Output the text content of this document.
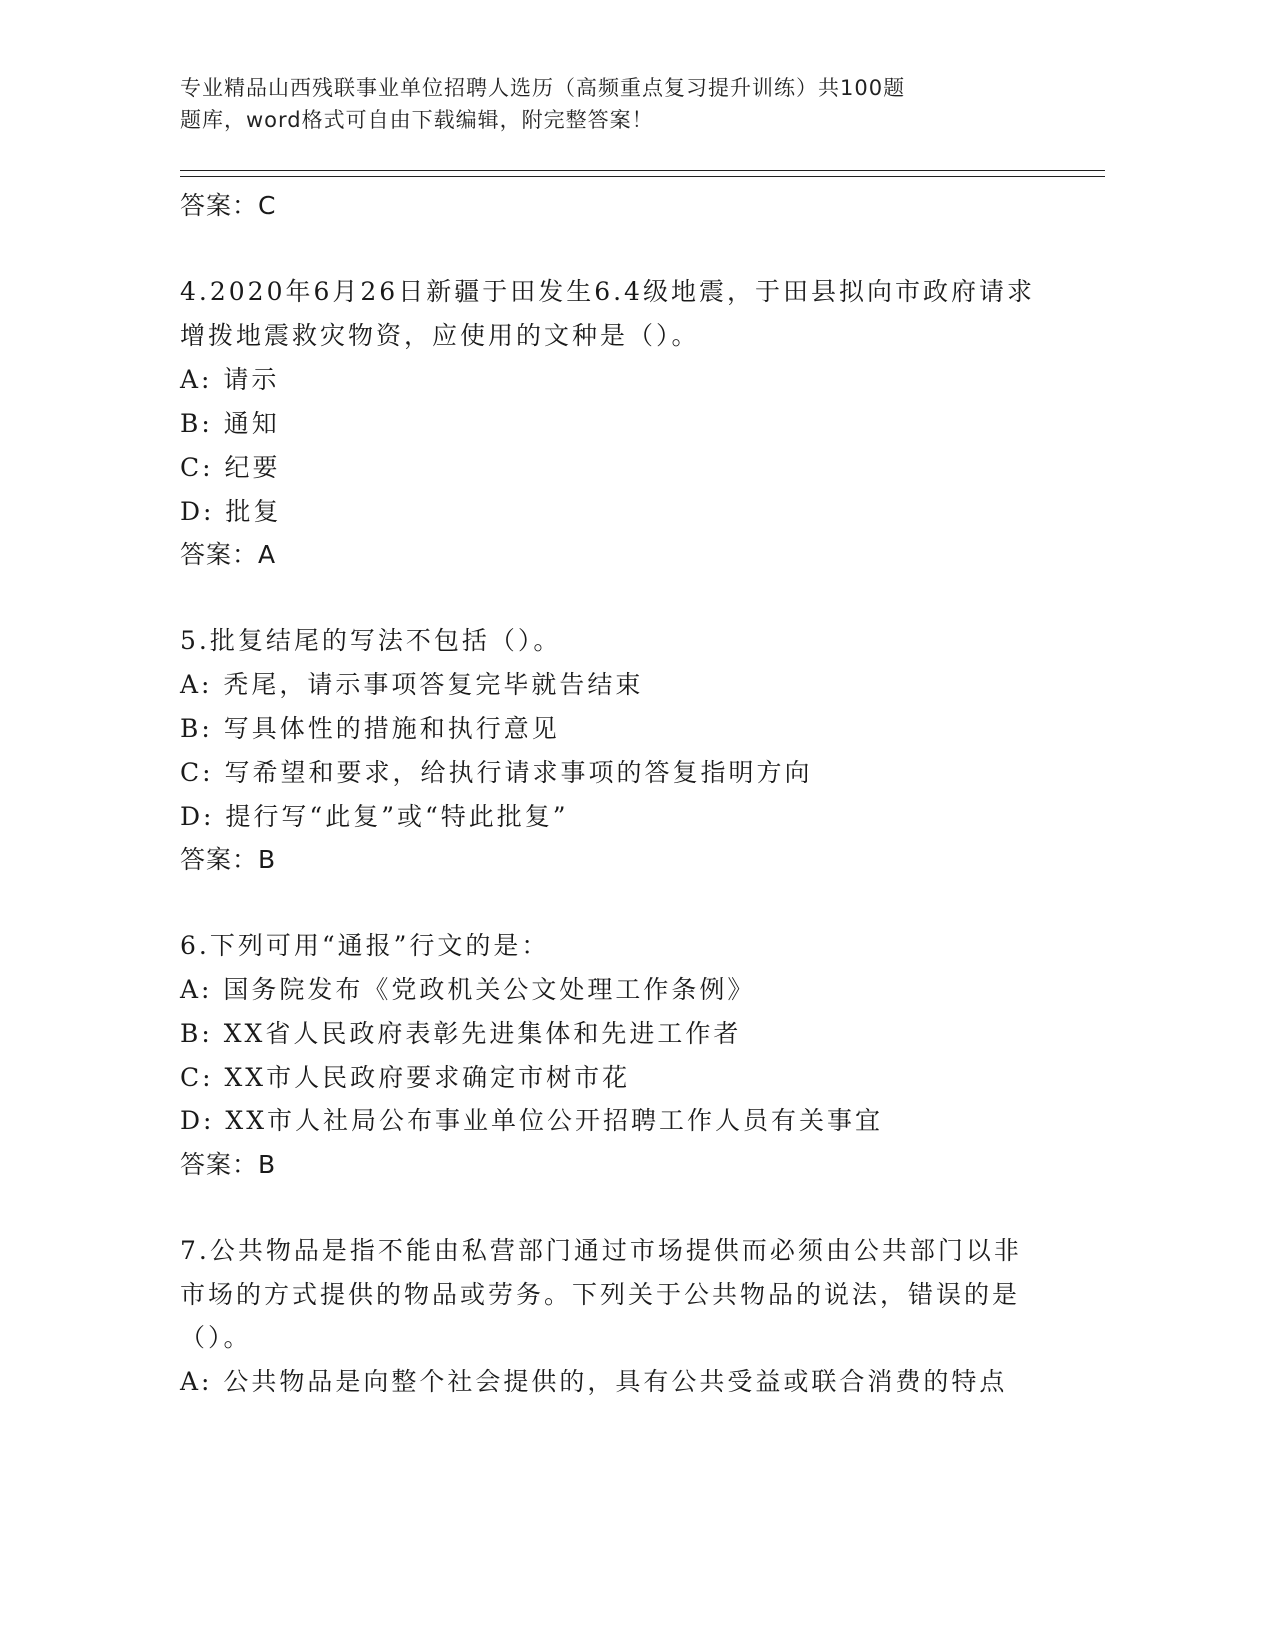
专业精品山西残联事业单位招聘人选历（高频重点复习提升训练）共100题
题库，word格式可自由下载编辑，附完整答案！
答案：C
4.2020年6月26日新疆于田发生6.4级地震，于田县拟向市政府请求
增拨地震救灾物资，应使用的文种是（）。
A: 请示
B: 通知
C: 纪要
D: 批复
答案：A
5.批复结尾的写法不包括（）。
A: 秃尾，请示事项答复完毕就告结束
B: 写具体性的措施和执行意见
C: 写希望和要求，给执行请求事项的答复指明方向
D: 提行写“此复”或“特此批复”
答案：B
6.下列可用“通报”行文的是：
A: 国务院发布《党政机关公文处理工作条例》
B: XX省人民政府表彰先进集体和先进工作者
C: XX市人民政府要求确定市树市花
D: XX市人社局公布事业单位公开招聘工作人员有关事宜
答案：B
7.公共物品是指不能由私营部门通过市场提供而必须由公共部门以非
市场的方式提供的物品或劳务。下列关于公共物品的说法，错误的是
（）。
A: 公共物品是向整个社会提供的，具有公共受益或联合消费的特点
